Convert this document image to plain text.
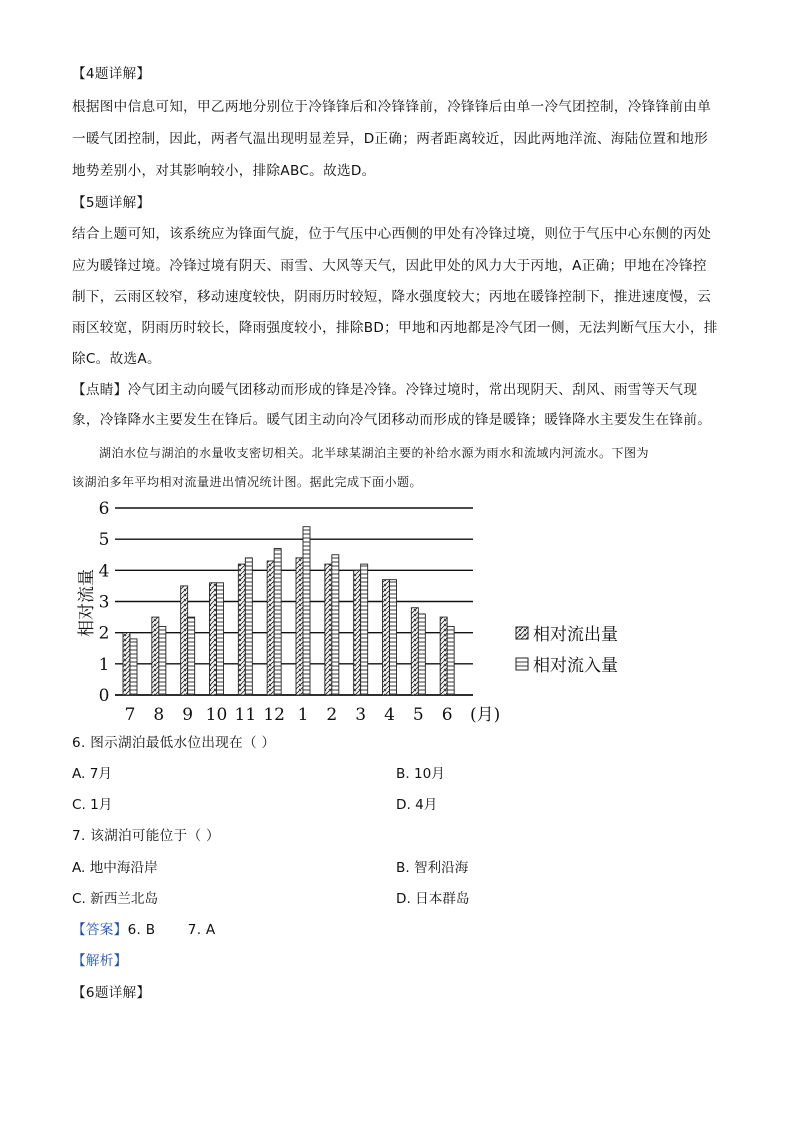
【4题详解】
根据图中信息可知，甲乙两地分别位于冷锋锋后和冷锋锋前，冷锋锋后由单一冷气团控制，冷锋锋前由单
一暖气团控制，因此，两者气温出现明显差异，D正确；两者距离较近，因此两地洋流、海陆位置和地形
地势差别小，对其影响较小，排除ABC。故选D。
【5题详解】
结合上题可知，该系统应为锋面气旋，位于气压中心西侧的甲处有冷锋过境，则位于气压中心东侧的丙处
应为暖锋过境。冷锋过境有阴天、雨雪、大风等天气，因此甲处的风力大于丙地，A正确；甲地在冷锋控
制下，云雨区较窄，移动速度较快，阴雨历时较短，降水强度较大；丙地在暖锋控制下，推进速度慢，云
雨区较宽，阴雨历时较长，降雨强度较小，排除BD；甲地和丙地都是冷气团一侧，无法判断气压大小，排
除C。故选A。
【点睛】冷气团主动向暖气团移动而形成的锋是冷锋。冷锋过境时，常出现阴天、刮风、雨雪等天气现
象，冷锋降水主要发生在锋后。暖气团主动向冷气团移动而形成的锋是暖锋；暖锋降水主要发生在锋前。
湖泊水位与湖泊的水量收支密切相关。北半球某湖泊主要的补给水源为雨水和流域内河流水。下图为
该湖泊多年平均相对流量进出情况统计图。据此完成下面小题。
0
1
2
3
4
5
6
7 8 9 10 11 12 1 2 3 4 5 6
相对流量
(月)
相对流出量
相对流入量
6. 图示湖泊最低水位出现在（ ）
A. 7月	B. 10月
C. 1月	D. 4月
7. 该湖泊可能位于（ ）
A. 地中海沿岸	B. 智利沿海
C. 新西兰北岛	D. 日本群岛
【答案】6. B       7. A
【解析】
【6题详解】
